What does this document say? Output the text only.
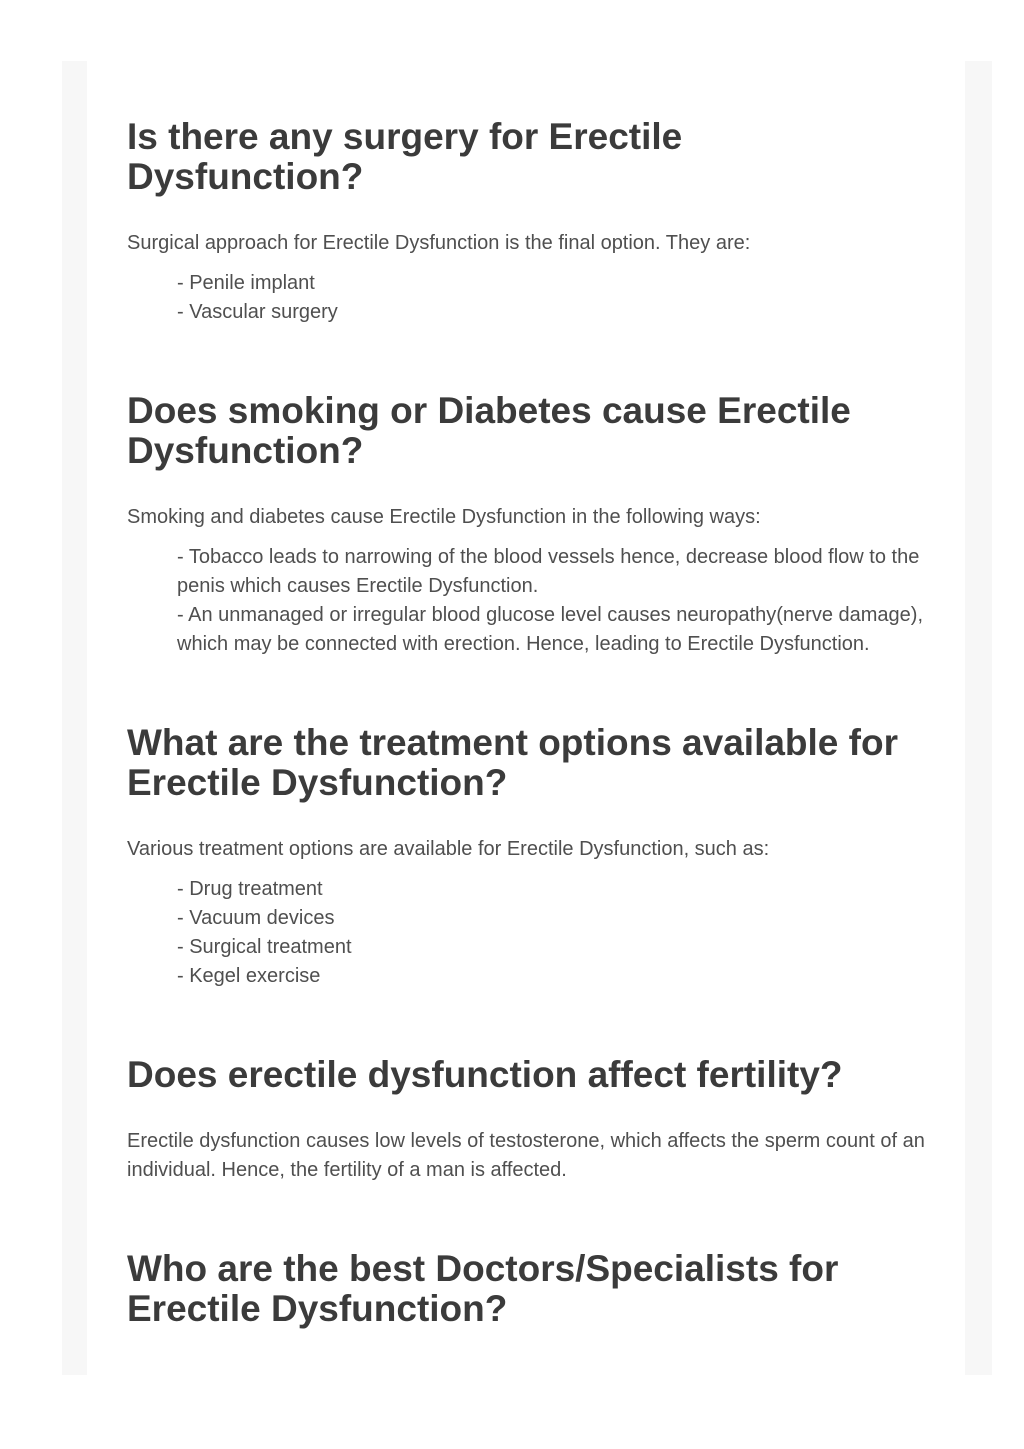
Is there any surgery for Erectile Dysfunction?

Surgical approach for Erectile Dysfunction is the final option. They are:

- Penile implant
- Vascular surgery
Does smoking or Diabetes cause Erectile Dysfunction?

Smoking and diabetes cause Erectile Dysfunction in the following ways:

- Tobacco leads to narrowing of the blood vessels hence, decrease blood flow to the penis which causes Erectile Dysfunction.
- An unmanaged or irregular blood glucose level causes neuropathy(nerve damage), which may be connected with erection. Hence, leading to Erectile Dysfunction.
What are the treatment options available for Erectile Dysfunction?

Various treatment options are available for Erectile Dysfunction, such as:

- Drug treatment
- Vacuum devices
- Surgical treatment
- Kegel exercise
Does erectile dysfunction affect fertility?

Erectile dysfunction causes low levels of testosterone, which affects the sperm count of an individual. Hence, the fertility of a man is affected.

Who are the best Doctors/Specialists for Erectile Dysfunction?
